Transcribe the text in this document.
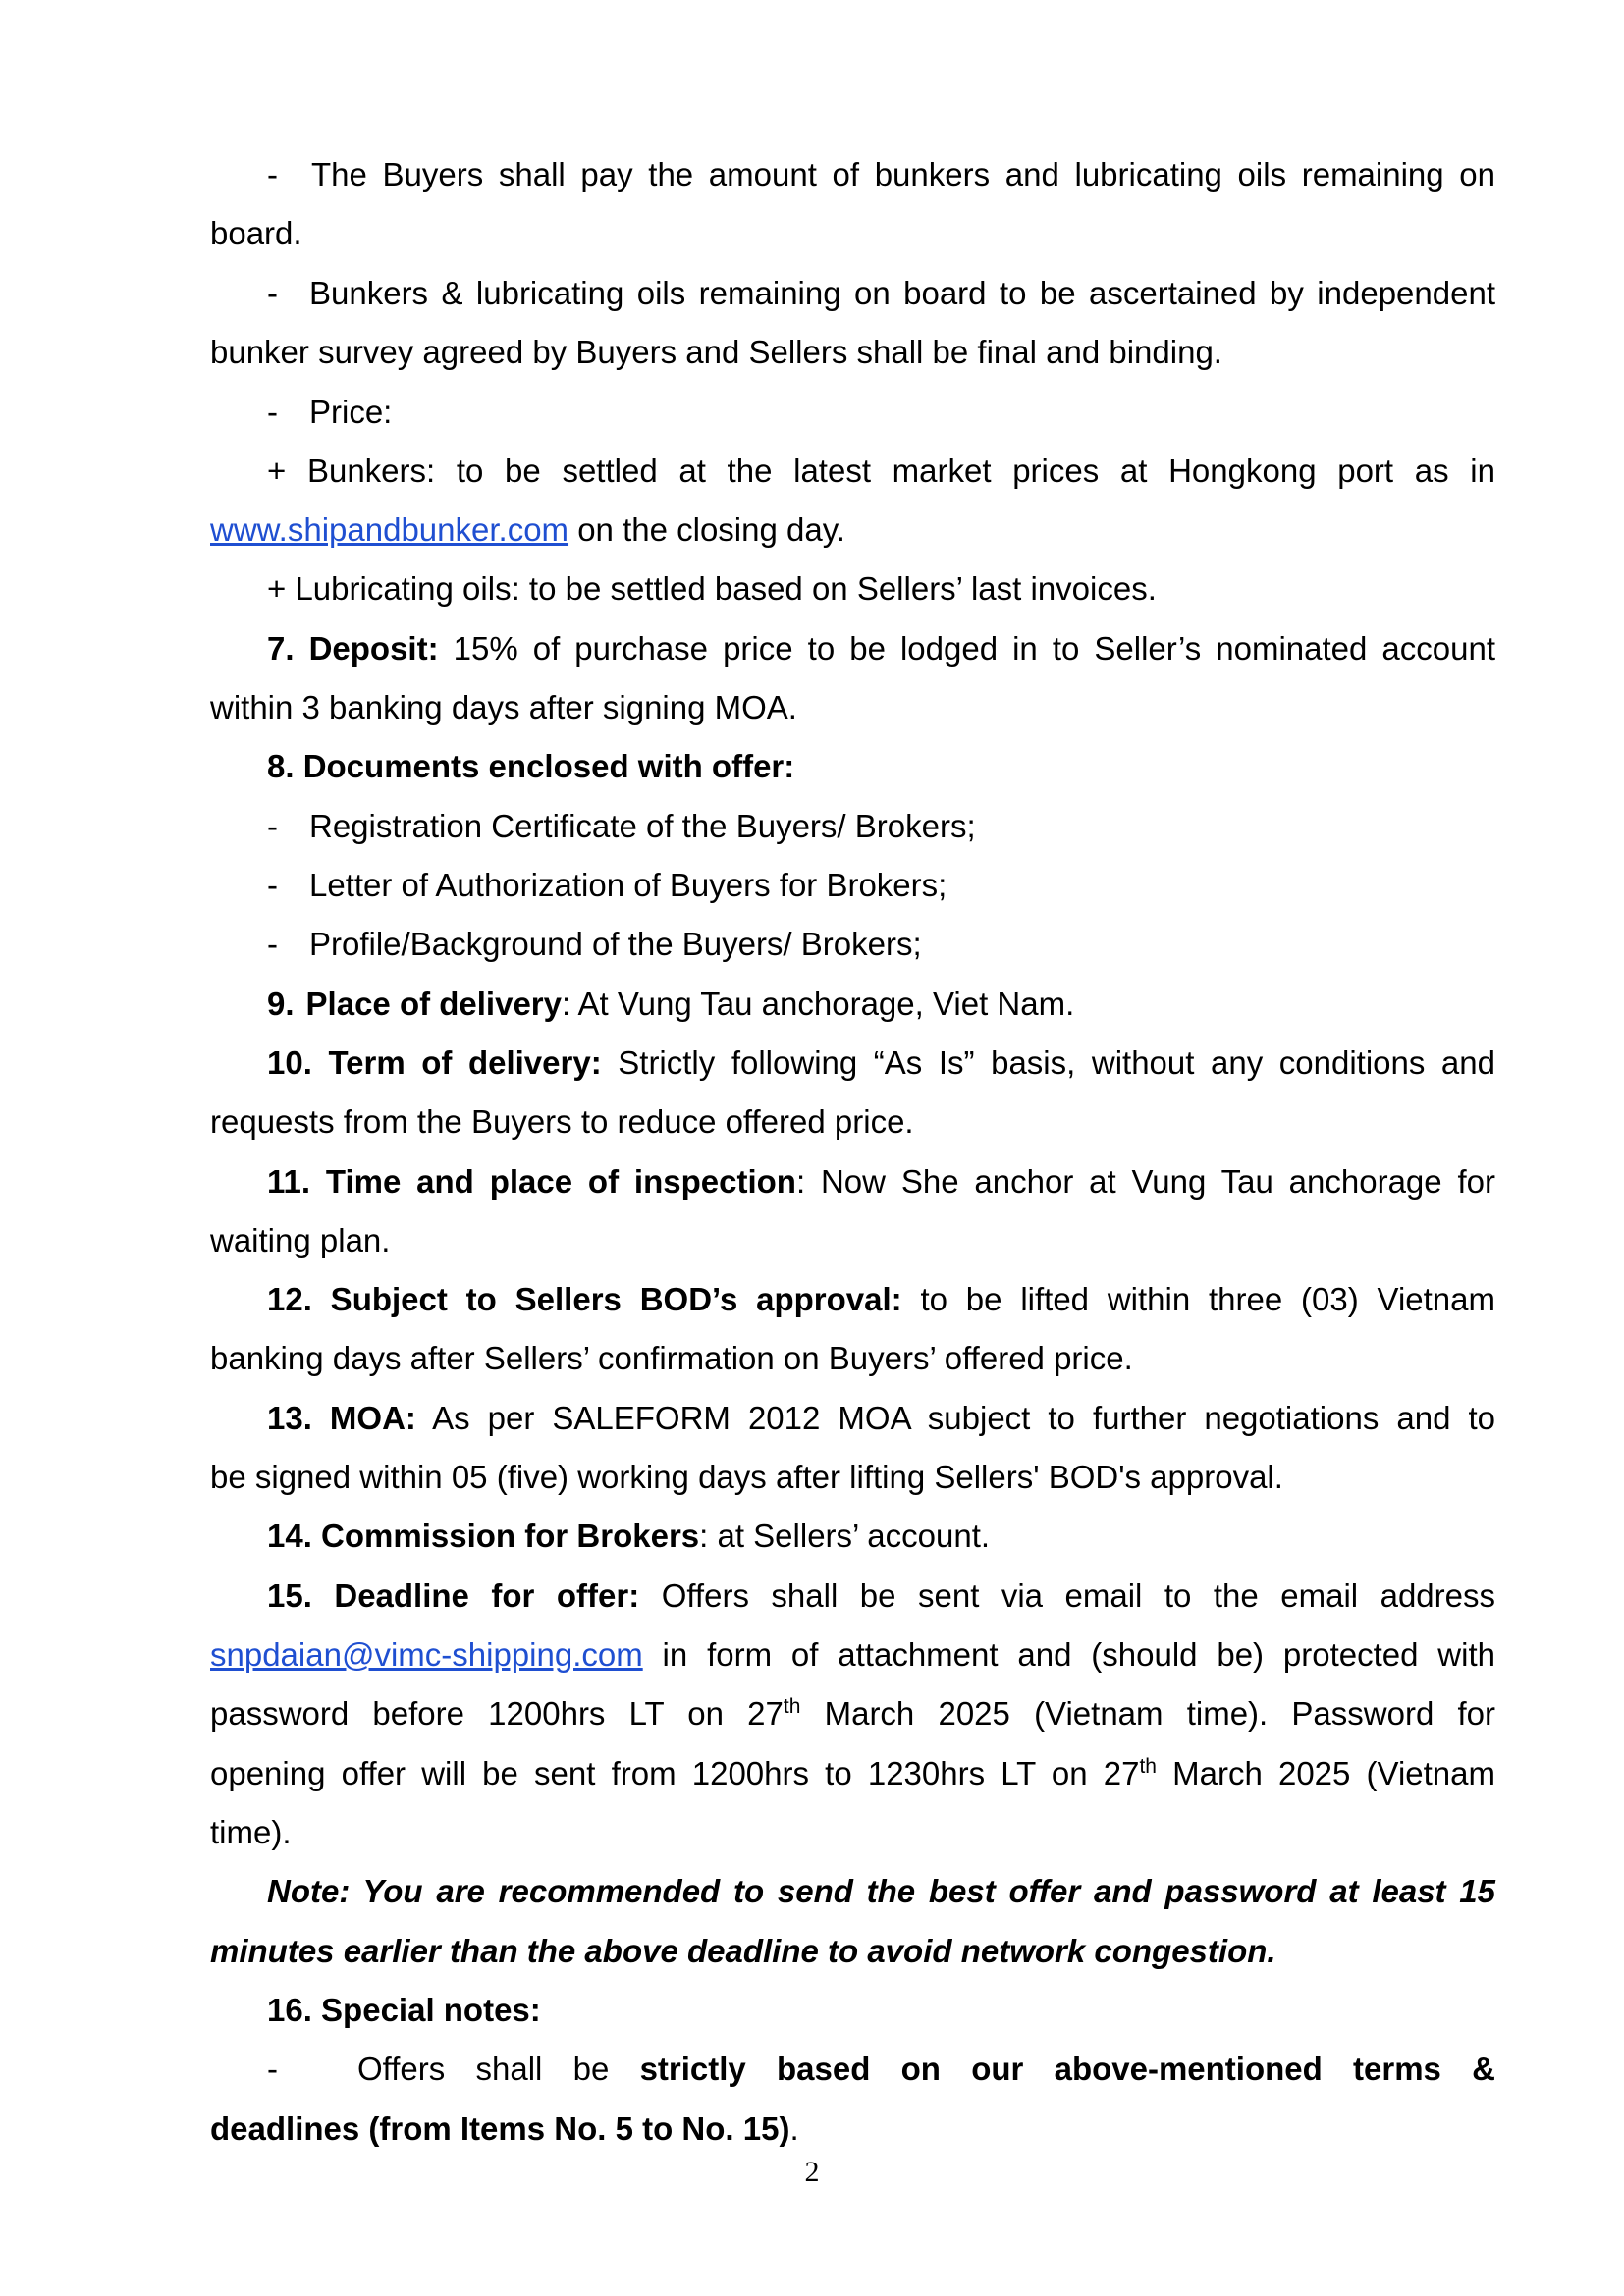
- The Buyers shall pay the amount of bunkers and lubricating oils remaining on
board.
- Bunkers & lubricating oils remaining on board to be ascertained by independent
bunker survey agreed by Buyers and Sellers shall be final and binding.
- Price:
+ Bunkers: to be settled at the latest market prices at Hongkong port as in
www.shipandbunker.com on the closing day.
+ Lubricating oils: to be settled based on Sellers’ last invoices.
7. Deposit: 15% of purchase price to be lodged in to Seller’s nominated account
within 3 banking days after signing MOA.
8. Documents enclosed with offer:
- Registration Certificate of the Buyers/ Brokers;
- Letter of Authorization of Buyers for Brokers;
- Profile/Background of the Buyers/ Brokers;
9. Place of delivery: At Vung Tau anchorage, Viet Nam.
10. Term of delivery: Strictly following “As Is” basis, without any conditions and
requests from the Buyers to reduce offered price.
11. Time and place of inspection: Now She anchor at Vung Tau anchorage for
waiting plan.
12. Subject to Sellers BOD’s approval: to be lifted within three (03) Vietnam
banking days after Sellers’ confirmation on Buyers’ offered price.
13. MOA: As per SALEFORM 2012 MOA subject to further negotiations and to
be signed within 05 (five) working days after lifting Sellers' BOD's approval.
14. Commission for Brokers: at Sellers’ account.
15. Deadline for offer: Offers shall be sent via email to the email address
snpdaian@vimc-shipping.com in form of attachment and (should be) protected with
password before 1200hrs LT on 27th March 2025 (Vietnam time). Password for
opening offer will be sent from 1200hrs to 1230hrs LT on 27th March 2025 (Vietnam
time).
Note: You are recommended to send the best offer and password at least 15
minutes earlier than the above deadline to avoid network congestion.
16. Special notes:
- Offers shall be strictly based on our above-mentioned terms &
deadlines (from Items No. 5 to No. 15).
2
